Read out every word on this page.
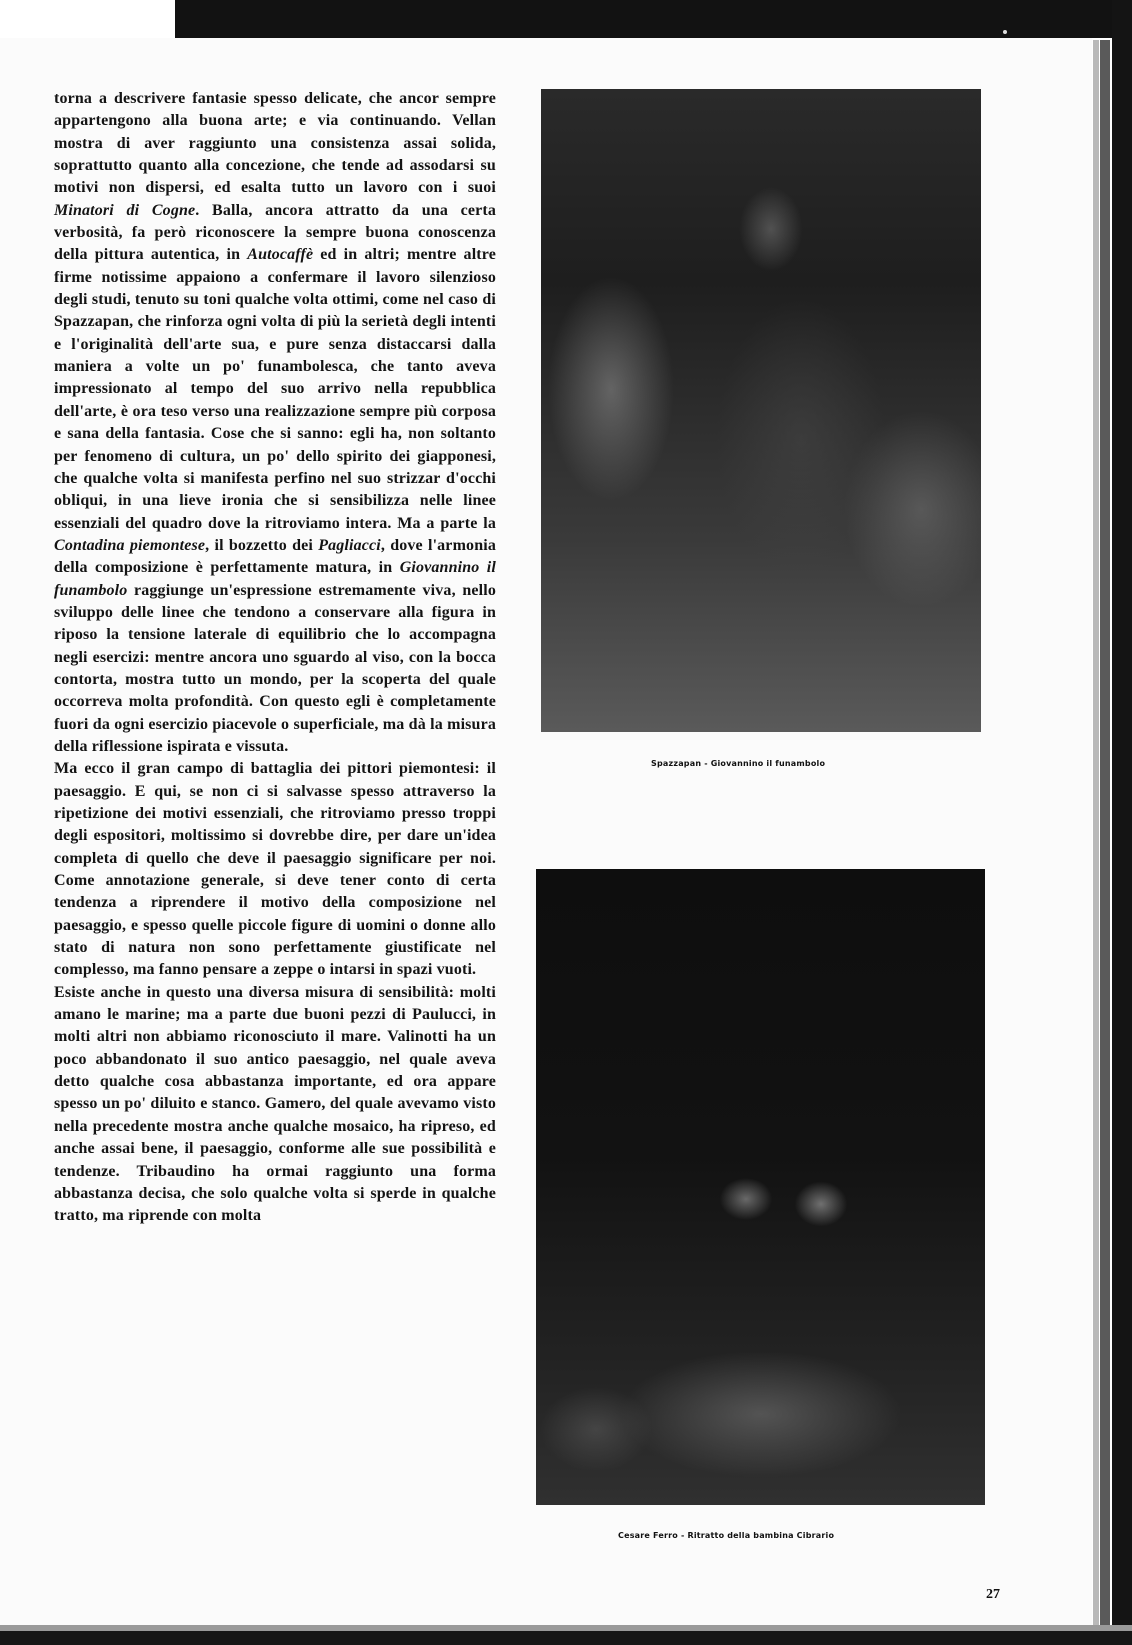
torna a descrivere fantasie spesso delicate, che ancor sempre appartengono alla buona arte; e via continuando. Vellan mostra di aver raggiunto una consistenza assai solida, soprattutto quanto alla concezione, che tende ad assodarsi su motivi non dispersi, ed esalta tutto un lavoro con i suoi Minatori di Cogne. Balla, ancora attratto da una certa verbosità, fa però riconoscere la sempre buona conoscenza della pittura autentica, in Autocaffè ed in altri; mentre altre firme notissime appaiono a confermare il lavoro silenzioso degli studi, tenuto su toni qualche volta ottimi, come nel caso di Spazzapan, che rinforza ogni volta di più la serietà degli intenti e l'originalità dell'arte sua, e pure senza distaccarsi dalla maniera a volte un po' funambolesca, che tanto aveva impressionato al tempo del suo arrivo nella repubblica dell'arte, è ora teso verso una realizzazione sempre più corposa e sana della fantasia. Cose che si sanno: egli ha, non soltanto per fenomeno di cultura, un po' dello spirito dei giapponesi, che qualche volta si manifesta perfino nel suo strizzar d'occhi obliqui, in una lieve ironia che si sensibilizza nelle linee essenziali del quadro dove la ritroviamo intera. Ma a parte la Contadina piemontese, il bozzetto dei Pagliacci, dove l'armonia della composizione è perfettamente matura, in Giovannino il funambolo raggiunge un'espressione estremamente viva, nello sviluppo delle linee che tendono a conservare alla figura in riposo la tensione laterale di equilibrio che lo accompagna negli esercizi: mentre ancora uno sguardo al viso, con la bocca contorta, mostra tutto un mondo, per la scoperta del quale occorreva molta profondità. Con questo egli è completamente fuori da ogni esercizio piacevole o superficiale, ma dà la misura della riflessione ispirata e vissuta.

Ma ecco il gran campo di battaglia dei pittori piemontesi: il paesaggio. E qui, se non ci si salvasse spesso attraverso la ripetizione dei motivi essenziali, che ritroviamo presso troppi degli espositori, moltissimo si dovrebbe dire, per dare un'idea completa di quello che deve il paesaggio significare per noi. Come annotazione generale, si deve tener conto di certa tendenza a riprendere il motivo della composizione nel paesaggio, e spesso quelle piccole figure di uomini o donne allo stato di natura non sono perfettamente giustificate nel complesso, ma fanno pensare a zeppe o intarsi in spazi vuoti.

Esiste anche in questo una diversa misura di sensibilità: molti amano le marine; ma a parte due buoni pezzi di Paulucci, in molti altri non abbiamo riconosciuto il mare. Valinotti ha un poco abbandonato il suo antico paesaggio, nel quale aveva detto qualche cosa abbastanza importante, ed ora appare spesso un po' diluito e stanco. Gamero, del quale avevamo visto nella precedente mostra anche qualche mosaico, ha ripreso, ed anche assai bene, il paesaggio, conforme alle sue possibilità e tendenze. Tribaudino ha ormai raggiunto una forma abbastanza decisa, che solo qualche volta si sperde in qualche tratto, ma riprende con molta

Spazzapan - Giovannino il funambolo
Cesare Ferro - Ritratto della bambina Cibrario
27
